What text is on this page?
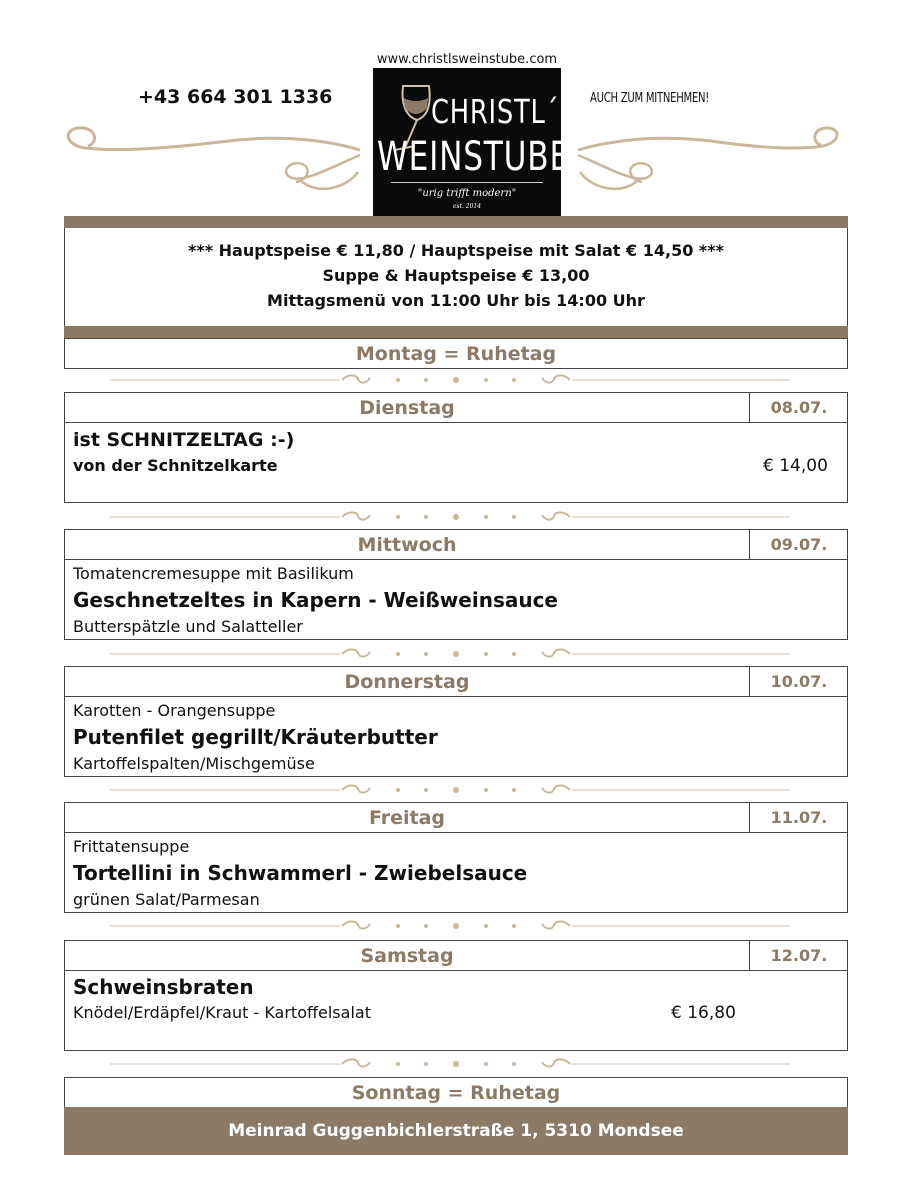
www.christlsweinstube.com
+43 664 301 1336	AUCH ZUM MITNEHMEN!
CHRISTL´S
WEINSTUBE
"urig trifft modern"
est. 2014
*** Hauptspeise € 11,80 / Hauptspeise mit Salat € 14,50 ***
Suppe & Hauptspeise € 13,00
Mittagsmenü von 11:00 Uhr bis 14:00 Uhr
Montag = Ruhetag
Dienstag	08.07.
ist SCHNITZELTAG :-)
von der Schnitzelkarte	€ 14,00
Mittwoch	09.07.
Tomatencremesuppe mit Basilikum
Geschnetzeltes in Kapern - Weißweinsauce
Butterspätzle und Salatteller
Donnerstag	10.07.
Karotten - Orangensuppe
Putenfilet gegrillt/Kräuterbutter
Kartoffelspalten/Mischgemüse
Freitag	11.07.
Frittatensuppe
Tortellini in Schwammerl - Zwiebelsauce
grünen Salat/Parmesan
Samstag	12.07.
Schweinsbraten
Knödel/Erdäpfel/Kraut - Kartoffelsalat	€ 16,80
Sonntag = Ruhetag
Meinrad Guggenbichlerstraße 1, 5310 Mondsee
